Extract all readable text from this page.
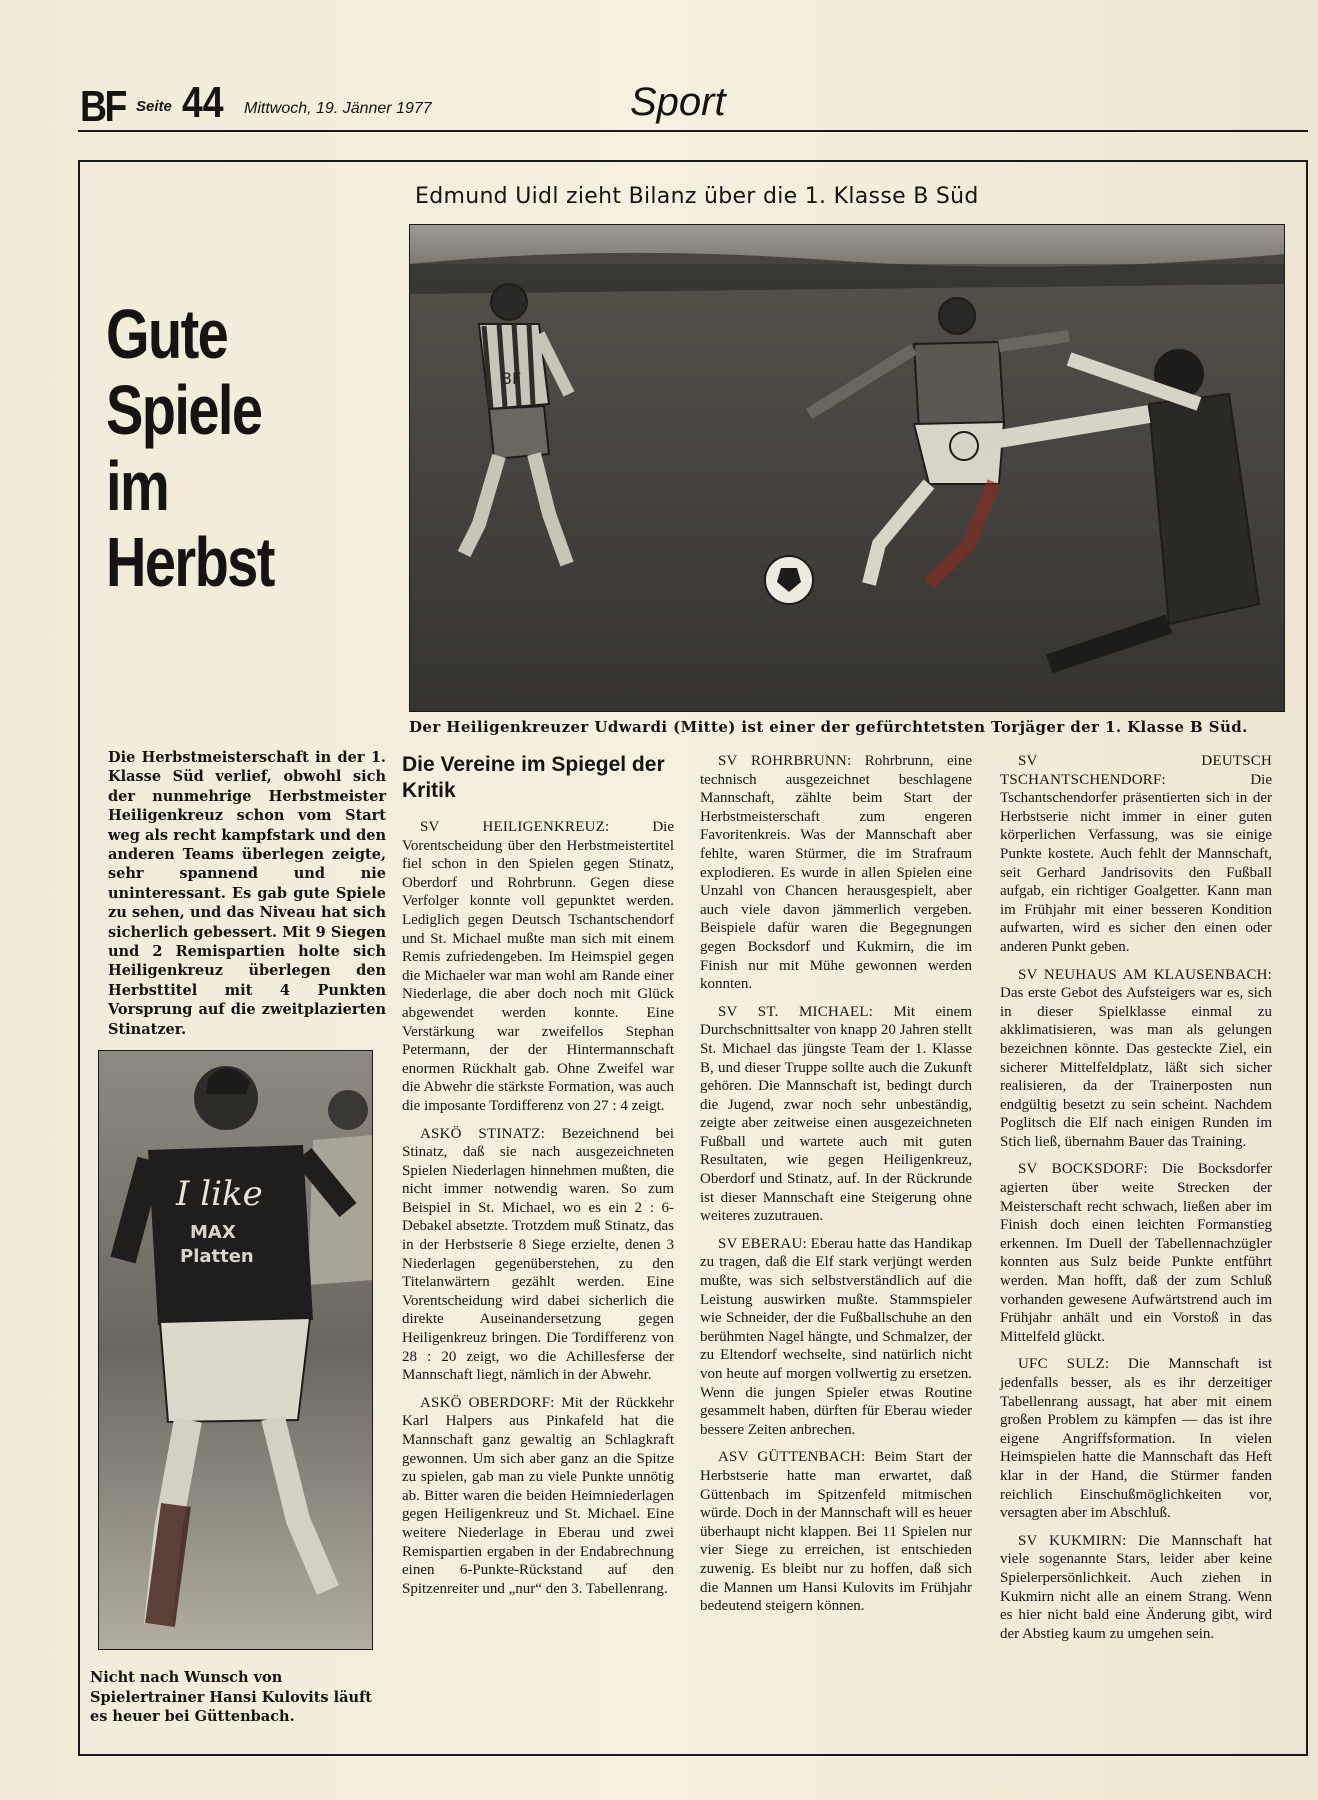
BF Seite 44 Mittwoch, 19. Jänner 1977	Sport
Edmund Uidl zieht Bilanz über die 1. Klasse B Süd
Gute
Spiele
im
Herbst
BF
Der Heiligenkreuzer Udwardi (Mitte) ist einer der gefürchtetsten Torjäger der 1. Klasse B Süd.
Die Herbstmeisterschaft in der 1. Klasse Süd verlief, obwohl sich der nunmehrige Herbstmeister Heiligenkreuz schon vom Start weg als recht kampfstark und den anderen Teams überlegen zeigte, sehr spannend und nie uninteressant. Es gab gute Spiele zu sehen, und das Niveau hat sich sicherlich gebessert. Mit 9 Siegen und 2 Remispartien holte sich Heiligenkreuz überlegen den Herbsttitel mit 4 Punkten Vorsprung auf die zweitplazierten Stinatzer.
I like
MAX
Platten
Nicht nach Wunsch von Spielertrainer Hansi Kulovits läuft es heuer bei Güttenbach.
Die Vereine im Spiegel der Kritik

SV HEILIGENKREUZ: Die Vorentscheidung über den Herbstmeistertitel fiel schon in den Spielen gegen Stinatz, Oberdorf und Rohrbrunn. Gegen diese Verfolger konnte voll gepunktet werden. Lediglich gegen Deutsch Tschantschendorf und St. Michael mußte man sich mit einem Remis zufriedengeben. Im Heimspiel gegen die Michaeler war man wohl am Rande einer Niederlage, die aber doch noch mit Glück abgewendet werden konnte. Eine Verstärkung war zweifellos Stephan Petermann, der der Hintermannschaft enormen Rückhalt gab. Ohne Zweifel war die Abwehr die stärkste Formation, was auch die imposante Tordifferenz von 27 : 4 zeigt.

ASKÖ STINATZ: Bezeichnend bei Stinatz, daß sie nach ausgezeichneten Spielen Niederlagen hinnehmen mußten, die nicht immer notwendig waren. So zum Beispiel in St. Michael, wo es ein 2 : 6-Debakel absetzte. Trotzdem muß Stinatz, das in der Herbstserie 8 Siege erzielte, denen 3 Niederlagen gegenüberstehen, zu den Titelanwärtern gezählt werden. Eine Vorentscheidung wird dabei sicherlich die direkte Auseinandersetzung gegen Heiligenkreuz bringen. Die Tordifferenz von 28 : 20 zeigt, wo die Achillesferse der Mannschaft liegt, nämlich in der Abwehr.

ASKÖ OBERDORF: Mit der Rückkehr Karl Halpers aus Pinkafeld hat die Mannschaft ganz gewaltig an Schlagkraft gewonnen. Um sich aber ganz an die Spitze zu spielen, gab man zu viele Punkte unnötig ab. Bitter waren die beiden Heimniederlagen gegen Heiligenkreuz und St. Michael. Eine weitere Niederlage in Eberau und zwei Remispartien ergaben in der Endabrechnung einen 6-Punkte-Rückstand auf den Spitzenreiter und „nur“ den 3. Tabellenrang.

SV ROHRBRUNN: Rohrbrunn, eine technisch ausgezeichnet beschlagene Mannschaft, zählte beim Start der Herbstmeisterschaft zum engeren Favoritenkreis. Was der Mannschaft aber fehlte, waren Stürmer, die im Strafraum explodieren. Es wurde in allen Spielen eine Unzahl von Chancen herausgespielt, aber auch viele davon jämmerlich vergeben. Beispiele dafür waren die Begegnungen gegen Bocksdorf und Kukmirn, die im Finish nur mit Mühe gewonnen werden konnten.

SV ST. MICHAEL: Mit einem Durchschnittsalter von knapp 20 Jahren stellt St. Michael das jüngste Team der 1. Klasse B, und dieser Truppe sollte auch die Zukunft gehören. Die Mannschaft ist, bedingt durch die Jugend, zwar noch sehr unbeständig, zeigte aber zeitweise einen ausgezeichneten Fußball und wartete auch mit guten Resultaten, wie gegen Heiligenkreuz, Oberdorf und Stinatz, auf. In der Rückrunde ist dieser Mannschaft eine Steigerung ohne weiteres zuzutrauen.

SV EBERAU: Eberau hatte das Handikap zu tragen, daß die Elf stark verjüngt werden mußte, was sich selbstverständlich auf die Leistung auswirken mußte. Stammspieler wie Schneider, der die Fußballschuhe an den berühmten Nagel hängte, und Schmalzer, der zu Eltendorf wechselte, sind natürlich nicht von heute auf morgen vollwertig zu ersetzen. Wenn die jungen Spieler etwas Routine gesammelt haben, dürften für Eberau wieder bessere Zeiten anbrechen.

ASV GÜTTENBACH: Beim Start der Herbstserie hatte man erwartet, daß Güttenbach im Spitzenfeld mitmischen würde. Doch in der Mannschaft will es heuer überhaupt nicht klappen. Bei 11 Spielen nur vier Siege zu erreichen, ist entschieden zuwenig. Es bleibt nur zu hoffen, daß sich die Mannen um Hansi Kulovits im Frühjahr bedeutend steigern können.

SV DEUTSCH TSCHANTSCHENDORF: Die Tschantschendorfer präsentierten sich in der Herbstserie nicht immer in einer guten körperlichen Verfassung, was sie einige Punkte kostete. Auch fehlt der Mannschaft, seit Gerhard Jandrisovits den Fußball aufgab, ein richtiger Goalgetter. Kann man im Frühjahr mit einer besseren Kondition aufwarten, wird es sicher den einen oder anderen Punkt geben.

SV NEUHAUS AM KLAUSENBACH: Das erste Gebot des Aufsteigers war es, sich in dieser Spielklasse einmal zu akklimatisieren, was man als gelungen bezeichnen könnte. Das gesteckte Ziel, ein sicherer Mittelfeldplatz, läßt sich sicher realisieren, da der Trainerposten nun endgültig besetzt zu sein scheint. Nachdem Poglitsch die Elf nach einigen Runden im Stich ließ, übernahm Bauer das Training.

SV BOCKSDORF: Die Bocksdorfer agierten über weite Strecken der Meisterschaft recht schwach, ließen aber im Finish doch einen leichten Formanstieg erkennen. Im Duell der Tabellennachzügler konnten aus Sulz beide Punkte entführt werden. Man hofft, daß der zum Schluß vorhanden gewesene Aufwärtstrend auch im Frühjahr anhält und ein Vorstoß in das Mittelfeld glückt.

UFC SULZ: Die Mannschaft ist jedenfalls besser, als es ihr derzeitiger Tabellenrang aussagt, hat aber mit einem großen Problem zu kämpfen — das ist ihre eigene Angriffsformation. In vielen Heimspielen hatte die Mannschaft das Heft klar in der Hand, die Stürmer fanden reichlich Einschußmöglichkeiten vor, versagten aber im Abschluß.

SV KUKMIRN: Die Mannschaft hat viele sogenannte Stars, leider aber keine Spielerpersönlichkeit. Auch ziehen in Kukmirn nicht alle an einem Strang. Wenn es hier nicht bald eine Änderung gibt, wird der Abstieg kaum zu umgehen sein.
